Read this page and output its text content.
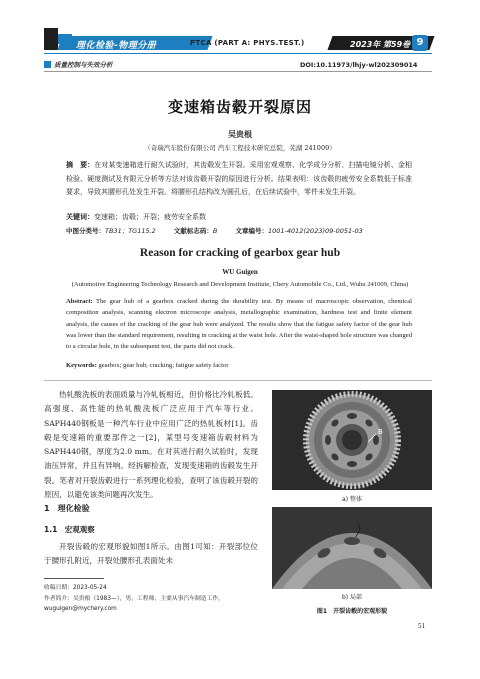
理化检验-物理分册	PTCA (PART A: PHYS.TEST.)	2023年 第59卷 9
质量控制与失效分析	DOI:10.11973/lhjy-wl202309014
变速箱齿毂开裂原因
吴贵根
（奇瑞汽车股份有限公司 汽车工程技术研究总院，芜湖 241009）
摘　要：在对某变速箱进行耐久试验时，其齿毂发生开裂。采用宏观观察、化学成分分析、扫描电镜分析、金相检验、硬度测试及有限元分析等方法对该齿毂开裂的原因进行分析。结果表明：该齿毂的疲劳安全系数低于标准要求，导致其腰形孔处发生开裂。将腰形孔结构改为圆孔后，在后续试验中，零件未发生开裂。
关键词：变速箱；齿毂；开裂；疲劳安全系数
中图分类号：TB31；TG115.2	文献标志码：B	文章编号：1001-4012(2023)09-0051-03
Reason for cracking of gearbox gear hub
WU Guigen
(Automotive Engineering Technology Research and Development Institute, Chery Automobile Co., Ltd., Wuhu 241009, China)
Abstract: The gear hub of a gearbox cracked during the durability test. By means of macroscopic observation, chemical composition analysis, scanning electron microscope analysis, metallographic examination, hardness test and finite element analysis, the causes of the cracking of the gear hub were analyzed. The results show that the fatigue safety factor of the gear hub was lower than the standard requirement, resulting in cracking at the waist hole. After the waist-shaped hole structure was changed to a circular hole, in the subsequent test, the parts did not crack.
Keywords: gearbox; gear hub; cracking; fatigue safety factor
热轧酸洗板的表面质量与冷轧板相近，但价格比冷轧板低。高强度、高性能的热轧酸洗板广泛应用于汽车等行业。SAPH440钢板是一种汽车行业中应用广泛的热轧板材[1]。齿毂是变速箱的重要部件之一[2]，某型号变速箱齿毂材料为SAPH440钢，厚度为2.0 mm。在对其进行耐久试验时，发现油压异常，并且有异响。经拆解检查，发现变速箱的齿毂发生开裂。笔者对开裂齿毂进行一系列理化检验，查明了该齿毂开裂的原因，以避免该类问题再次发生。
1　理化检验
1.1　宏观观察
开裂齿毂的宏观形貌如图1所示。由图1可知：开裂部位位于腰形孔附近，开裂处腰形孔表面处未
收稿日期：2023-05-24
作者简介：吴贵根（1983—），男，工程师，主要从事汽车制造工作，wuguigen@mychery.com
B
a) 整体
b) 局部
图1　开裂齿毂的宏观形貌
51
